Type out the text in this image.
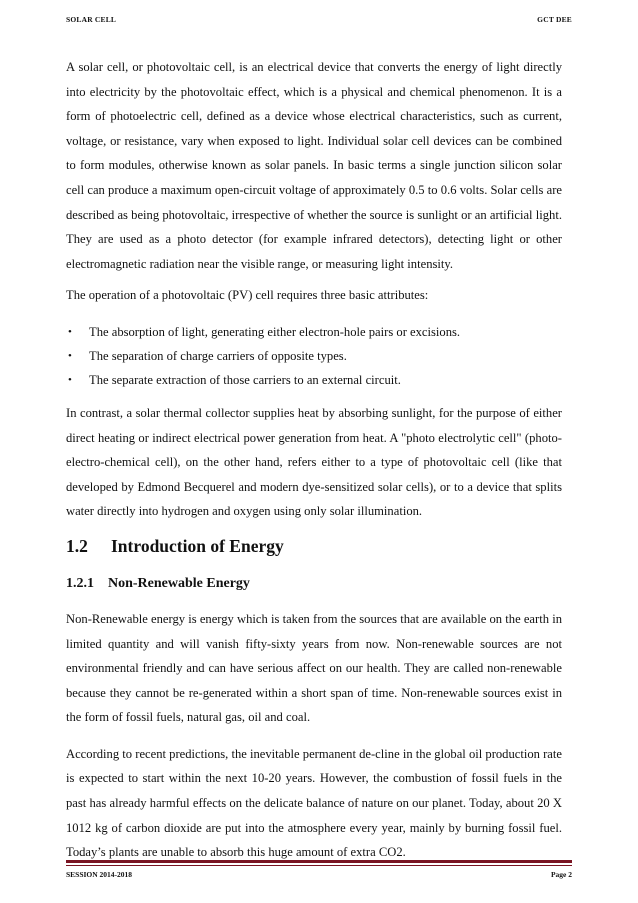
SOLAR CELL	GCT DEE

A solar cell, or photovoltaic cell, is an electrical device that converts the energy of light directly into electricity by the photovoltaic effect, which is a physical and chemical phenomenon. It is a form of photoelectric cell, defined as a device whose electrical characteristics, such as current, voltage, or resistance, vary when exposed to light. Individual solar cell devices can be combined to form modules, otherwise known as solar panels. In basic terms a single junction silicon solar cell can produce a maximum open-circuit voltage of approximately 0.5 to 0.6 volts. Solar cells are described as being photovoltaic, irrespective of whether the source is sunlight or an artificial light. They are used as a photo detector (for example infrared detectors), detecting light or other electromagnetic radiation near the visible range, or measuring light intensity.

The operation of a photovoltaic (PV) cell requires three basic attributes:

• The absorption of light, generating either electron-hole pairs or excisions.
• The separation of charge carriers of opposite types.
• The separate extraction of those carriers to an external circuit.

In contrast, a solar thermal collector supplies heat by absorbing sunlight, for the purpose of either direct heating or indirect electrical power generation from heat. A "photo electrolytic cell" (photo-electro-chemical cell), on the other hand, refers either to a type of photovoltaic cell (like that developed by Edmond Becquerel and modern dye-sensitized solar cells), or to a device that splits water directly into hydrogen and oxygen using only solar illumination.

1.2 Introduction of Energy
1.2.1 Non-Renewable Energy

Non-Renewable energy is energy which is taken from the sources that are available on the earth in limited quantity and will vanish fifty-sixty years from now. Non-renewable sources are not environmental friendly and can have serious affect on our health. They are called non-renewable because they cannot be re-generated within a short span of time. Non-renewable sources exist in the form of fossil fuels, natural gas, oil and coal.

According to recent predictions, the inevitable permanent de-cline in the global oil production rate is expected to start within the next 10-20 years. However, the combustion of fossil fuels in the past has already harmful effects on the delicate balance of nature on our planet. Today, about 20 X 1012 kg of carbon dioxide are put into the atmosphere every year, mainly by burning fossil fuel. Today’s plants are unable to absorb this huge amount of extra CO2.

SESSION 2014-2018	Page 2
